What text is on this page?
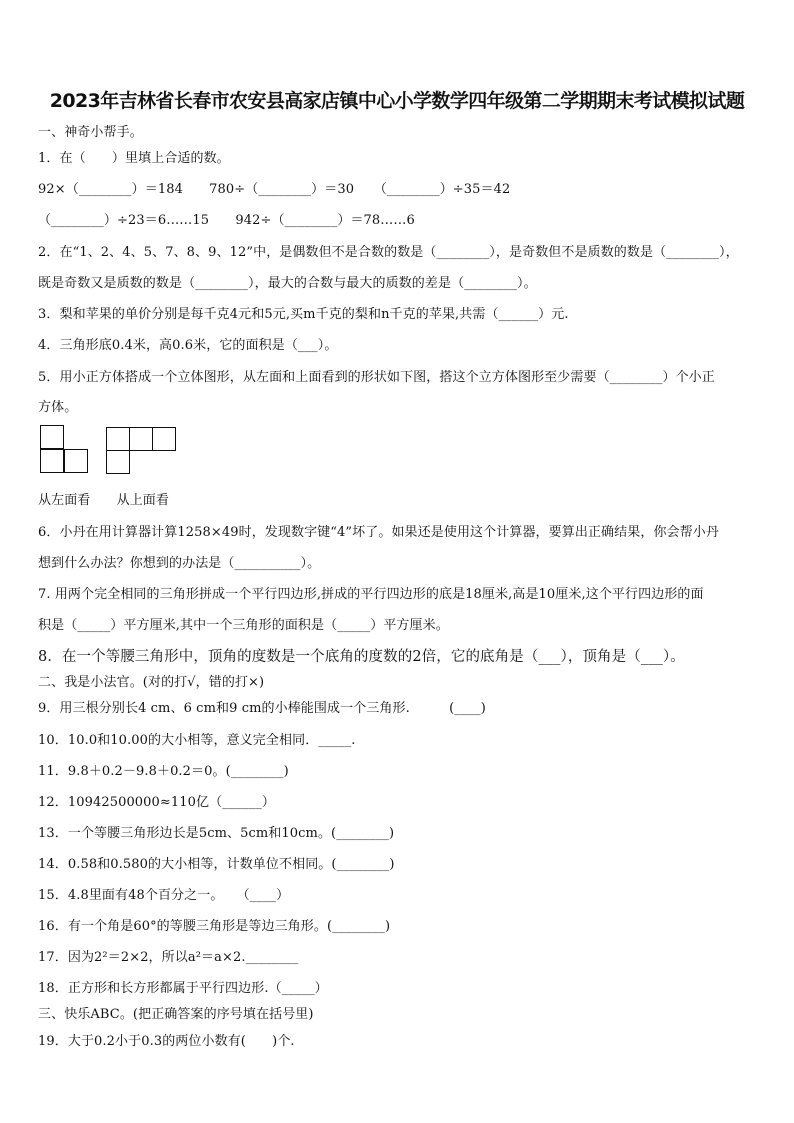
2023年吉林省长春市农安县高家店镇中心小学数学四年级第二学期期末考试模拟试题
一、神奇小帮手。
1．在（　　）里填上合适的数。
92×（________）＝184　　780÷（________）＝30　　（________）÷35＝42
（________）÷23＝6……15　　942÷（________）＝78……6
2．在“1、2、4、5、7、8、9、12”中，是偶数但不是合数的数是（________），是奇数但不是质数的数是（________），
既是奇数又是质数的数是（________），最大的合数与最大的质数的差是（________）。
3．梨和苹果的单价分别是每千克4元和5元,买m千克的梨和n千克的苹果,共需（______）元.
4．三角形底0.4米，高0.6米，它的面积是（___）。
5．用小正方体搭成一个立体图形，从左面和上面看到的形状如下图，搭这个立方体图形至少需要（________）个小正
方体。
从左面看　　从上面看
6．小丹在用计算器计算1258×49时，发现数字键“4”坏了。如果还是使用这个计算器，要算出正确结果，你会帮小丹
想到什么办法？你想到的办法是（__________）。
7. 用两个完全相同的三角形拼成一个平行四边形,拼成的平行四边形的底是18厘米,高是10厘米,这个平行四边形的面
积是（_____）平方厘米,其中一个三角形的面积是（_____）平方厘米。
8．在一个等腰三角形中，顶角的度数是一个底角的度数的2倍，它的底角是（___），顶角是（___）。
二、我是小法官。(对的打√，错的打×)
9．用三根分别长4 cm、6 cm和9 cm的小棒能围成一个三角形.　　　(____)
10．10.0和10.00的大小相等，意义完全相同．_____.
11．9.8＋0.2－9.8＋0.2＝0。(________)
12．10942500000≈110亿（______）
13．一个等腰三角形边长是5cm、5cm和10cm。(________)
14．0.58和0.580的大小相等，计数单位不相同。(________)
15．4.8里面有48个百分之一。　　（____）
16．有一个角是60°的等腰三角形是等边三角形。(________)
17．因为2²＝2×2，所以a²＝a×2.________
18．正方形和长方形都属于平行四边形.（_____）
三、快乐ABC。(把正确答案的序号填在括号里)
19．大于0.2小于0.3的两位小数有(　　)个.
